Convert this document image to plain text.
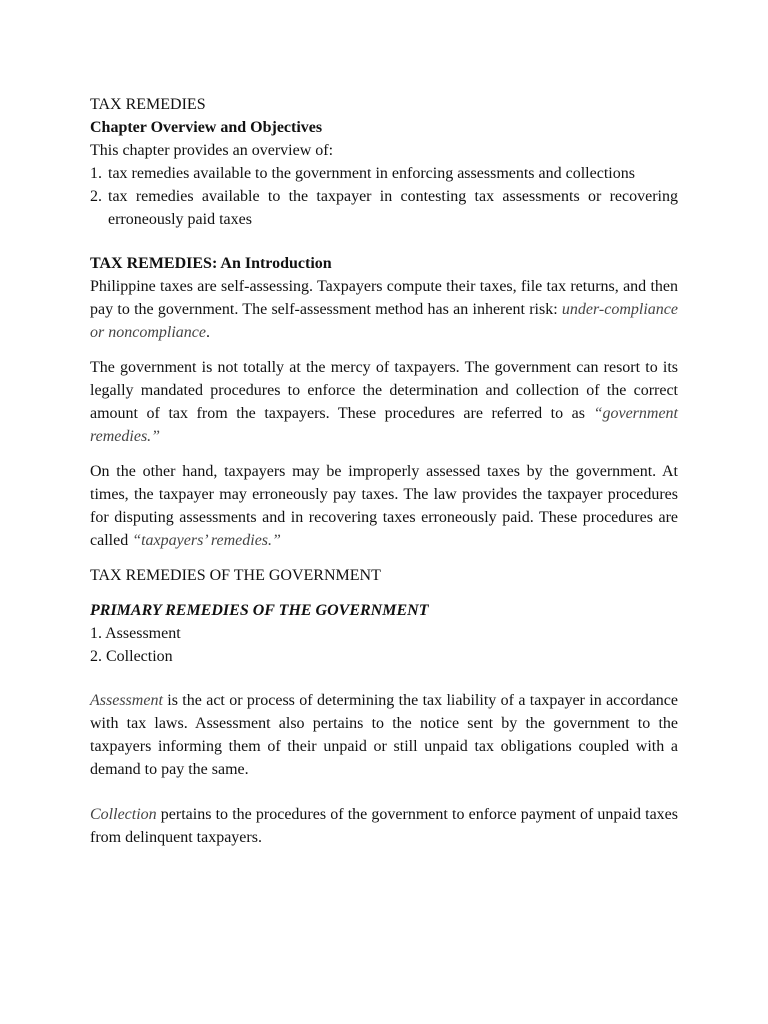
TAX REMEDIES
Chapter Overview and Objectives
This chapter provides an overview of:
1. tax remedies available to the government in enforcing assessments and collections
2. tax remedies available to the taxpayer in contesting tax assessments or recovering erroneously paid taxes
TAX REMEDIES: An Introduction

Philippine taxes are self-assessing. Taxpayers compute their taxes, file tax returns, and then pay to the government. The self-assessment method has an inherent risk: under-compliance or noncompliance.

The government is not totally at the mercy of taxpayers. The government can resort to its legally mandated procedures to enforce the determination and collection of the correct amount of tax from the taxpayers. These procedures are referred to as “government remedies.”

On the other hand, taxpayers may be improperly assessed taxes by the government. At times, the taxpayer may erroneously pay taxes. The law provides the taxpayer procedures for disputing assessments and in recovering taxes erroneously paid. These procedures are called “taxpayers’ remedies.”

TAX REMEDIES OF THE GOVERNMENT
PRIMARY REMEDIES OF THE GOVERNMENT
1. Assessment
2. Collection

Assessment is the act or process of determining the tax liability of a taxpayer in accordance with tax laws. Assessment also pertains to the notice sent by the government to the taxpayers informing them of their unpaid or still unpaid tax obligations coupled with a demand to pay the same.

Collection pertains to the procedures of the government to enforce payment of unpaid taxes from delinquent taxpayers.
